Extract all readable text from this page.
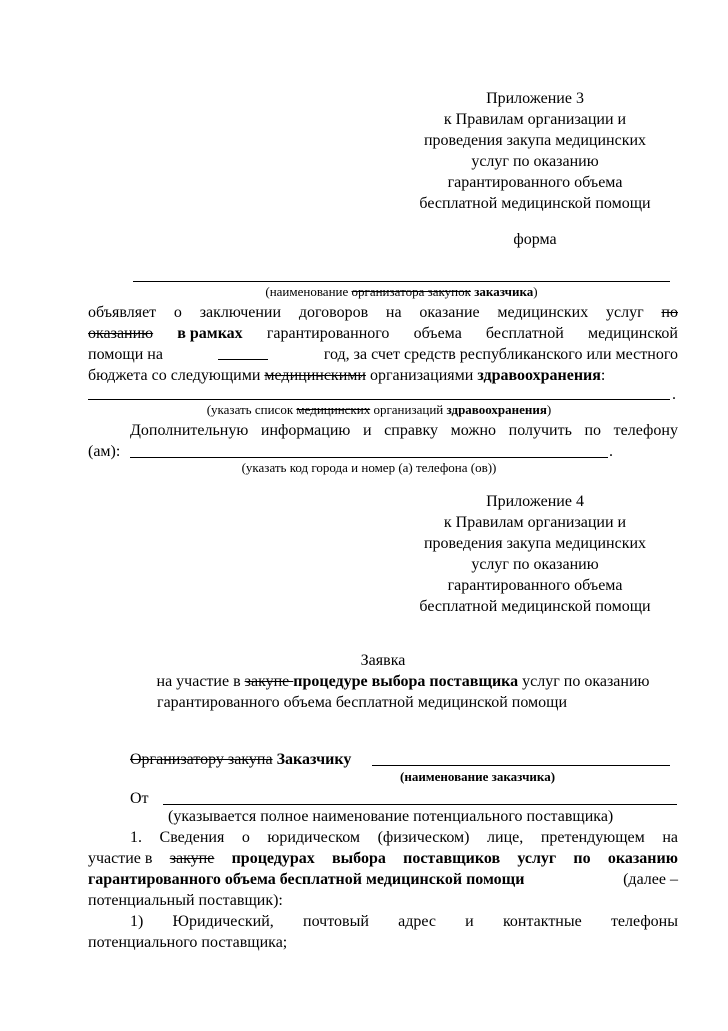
Приложение 3
к Правилам организации и
проведения закупа медицинских
услуг по оказанию
гарантированного объема
бесплатной медицинской помощи
форма
(наименование организатора закупок заказчика)
объявляет о заключении договоров на оказание медицинских услуг по
оказанию в рамках гарантированного объема бесплатной медицинской
помощи на	год, за счет средств республиканского или местного
бюджета со следующими медицинскими организациями здравоохранения:
.
(указать список медицинских организаций здравоохранения)
Дополнительную информацию и справку можно получить по телефону
(ам):	.
(указать код города и номер (а) телефона (ов))
Приложение 4
к Правилам организации и
проведения закупа медицинских
услуг по оказанию
гарантированного объема
бесплатной медицинской помощи
Заявка
на участие в закупе процедуре выбора поставщика услуг по оказанию
гарантированного объема бесплатной медицинской помощи
Организатору закупа Заказчику
(наименование заказчика)
От
(указывается полное наименование потенциального поставщика)
1. Сведения о юридическом (физическом) лице, претендующем на
участие в закупе процедурах выбора поставщиков услуг по оказанию
гарантированного объема бесплатной медицинской помощи	(далее –
потенциальный поставщик):
1) Юридический, почтовый адрес и контактные телефоны
потенциального поставщика;
